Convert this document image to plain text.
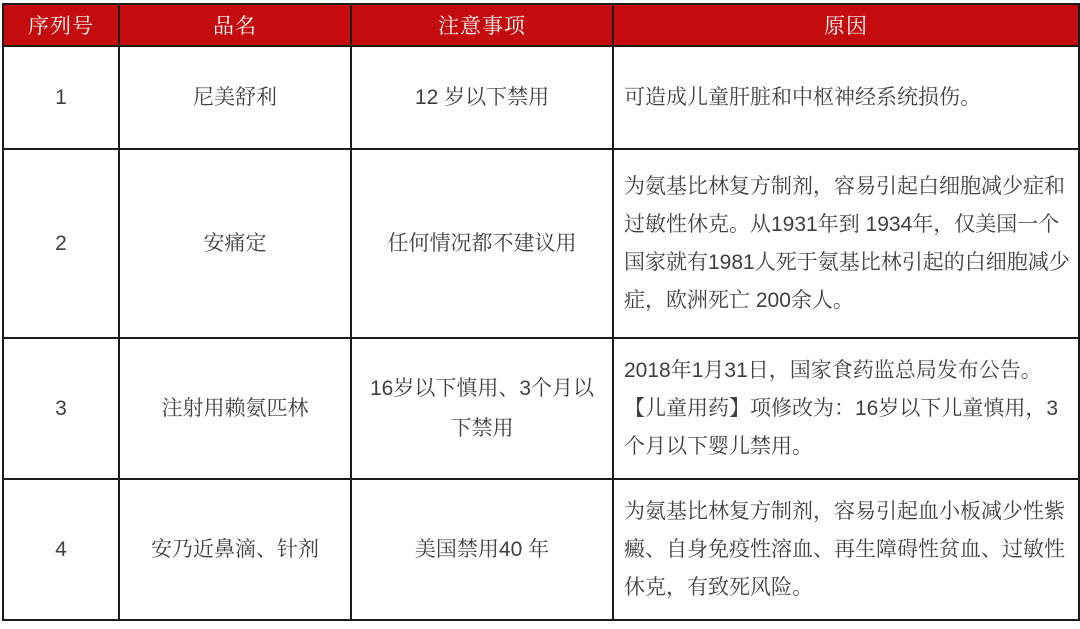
序列号	品名	注意事项	原因
1	尼美舒利	12 岁以下禁用	可造成儿童肝脏和中枢神经系统损伤。
2	安痛定	任何情况都不建议用	为氨基比林复方制剂，容易引起白细胞减少症和过敏性休克。从1931年到 1934年，仅美国一个国家就有1981人死于氨基比林引起的白细胞减少症，欧洲死亡 200余人。
3	注射用赖氨匹林	16岁以下慎用、3个月以下禁用	2018年1月31日，国家食药监总局发布公告。【儿童用药】项修改为：16岁以下儿童慎用，3个月以下婴儿禁用。
4	安乃近鼻滴、针剂	美国禁用40 年	为氨基比林复方制剂，容易引起血小板减少性紫癜、自身免疫性溶血、再生障碍性贫血、过敏性休克，有致死风险。
